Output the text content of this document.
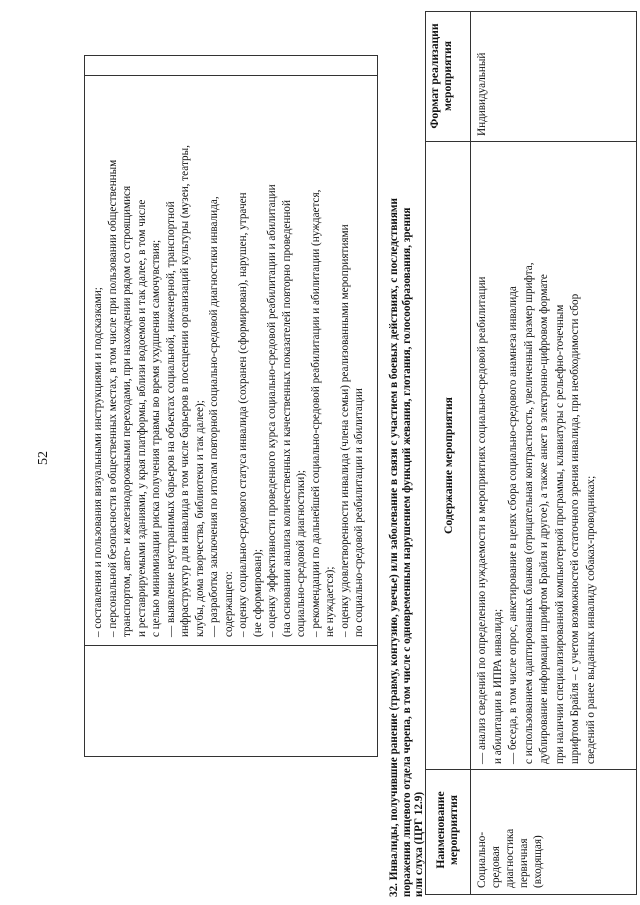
52	– составления и пользования визуальными инструкциями и подсказками; – персональной безопасности в общественных местах, в том числе при пользовании общественным транспортом, авто- и железнодорожными переходами, при нахождении рядом со строящимися и реставрируемыми зданиями, у края платформы, вблизи водоемов и так далее, в том числе с целью минимизации риска получения травмы во время ухудшения самочувствия; — выявление неустранимых барьеров на объектах социальной, инженерной, транспортной инфраструктур для инвалида в том числе барьеров в посещении организаций культуры (музеи, театры, клубы, дома творчества, библиотеки и так далее); — разработка заключения по итогам повторной социально-средовой диагностики инвалида, содержащего: – оценку социально-средового статуса инвалида (сохранен (сформирован), нарушен, утрачен (не сформирован); – оценку эффективности проведенного курса социально-средовой реабилитации и абилитации (на основании анализа количественных и качественных показателей повторно проведенной социально-средовой диагностики); – рекомендации по дальнейшей социально-средовой реабилитации и абилитации (нуждается, не нуждается); – оценку удовлетворенности инвалида (члена семьи) реализованными мероприятиями по социально-средовой реабилитации и абилитации 32. Инвалиды, получившие ранение (травму, контузию, увечье) или заболевание в связи с участием в боевых действиях, с последствиями поражения лицевого отдела черепа, в том числе с одновременным нарушением функций жевания, глотания, голосообразования, зрения или слуха (ЦРГ 12.9) Наименование мероприятия
Содержание мероприятия
Формат реализации мероприятия
Социально- средовая диагностика первичная (входящая)
— анализ сведений по определению нуждаемости в мероприятиях социально-средовой реабилитации и абилитации в ИПРА инвалида; — беседа, в том числе опрос, анкетирование в целях сбора социально-средового анамнеза инвалида с использованием адаптированных бланков (отрицательная контрастность, увеличенный размер шрифта, дублирование информации шрифтом Брайля и другое), а также анкет в электронно-цифровом формате при наличии специализированной компьютерной программы, клавиатуры с рельефно-точечным шрифтом Брайля – с учетом возможностей остаточного зрения инвалида, при необходимости сбор сведений о ранее выданных инвалиду собаках-проводниках;
Индивидуальный
